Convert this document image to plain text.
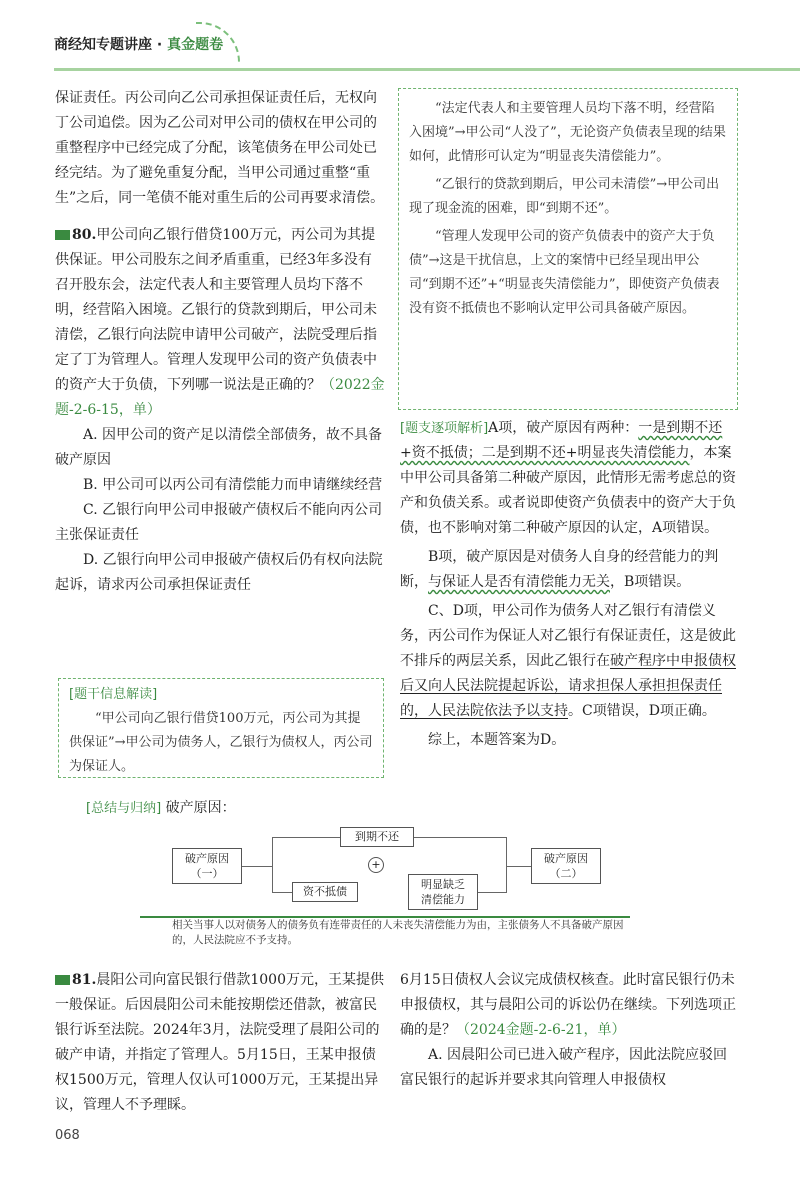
商经知专题讲座 · 真金题卷

保证责任。丙公司向乙公司承担保证责任后，无权向丁公司追偿。因为乙公司对甲公司的债权在甲公司的重整程序中已经完成了分配，该笔债务在甲公司处已经完结。为了避免重复分配，当甲公司通过重整“重生”之后，同一笔债不能对重生后的公司再要求清偿。

80.甲公司向乙银行借贷100万元，丙公司为其提供保证。甲公司股东之间矛盾重重，已经3年多没有召开股东会，法定代表人和主要管理人员均下落不明，经营陷入困境。乙银行的贷款到期后，甲公司未清偿，乙银行向法院申请甲公司破产，法院受理后指定了丁为管理人。管理人发现甲公司的资产负债表中的资产大于负债，下列哪一说法是正确的？（2022金题-2-6-15，单）

A. 因甲公司的资产足以清偿全部债务，故不具备破产原因

B. 甲公司可以丙公司有清偿能力而申请继续经营

C. 乙银行向甲公司申报破产债权后不能向丙公司主张保证责任

D. 乙银行向甲公司申报破产债权后仍有权向法院起诉，请求丙公司承担保证责任

[题干信息解读]

“甲公司向乙银行借贷100万元，丙公司为其提供保证”→甲公司为债务人，乙银行为债权人，丙公司为保证人。

“法定代表人和主要管理人员均下落不明，经营陷入困境”→甲公司“人没了”，无论资产负债表呈现的结果如何，此情形可认定为“明显丧失清偿能力”。

“乙银行的贷款到期后，甲公司未清偿”→甲公司出现了现金流的困难，即“到期不还”。

“管理人发现甲公司的资产负债表中的资产大于负债”→这是干扰信息，上文的案情中已经呈现出甲公司“到期不还”+“明显丧失清偿能力”，即使资产负债表没有资不抵债也不影响认定甲公司具备破产原因。

[题支逐项解析]A项，破产原因有两种：一是到期不还+资不抵债；二是到期不还+明显丧失清偿能力，本案中甲公司具备第二种破产原因，此情形无需考虑总的资产和负债关系。或者说即使资产负债表中的资产大于负债，也不影响对第二种破产原因的认定，A项错误。

B项，破产原因是对债务人自身的经营能力的判断，与保证人是否有清偿能力无关，B项错误。

C、D项，甲公司作为债务人对乙银行有清偿义务，丙公司作为保证人对乙银行有保证责任，这是彼此不排斥的两层关系，因此乙银行在破产程序中申报债权后又向人民法院提起诉讼，请求担保人承担担保责任的，人民法院依法予以支持。C项错误，D项正确。

综上，本题答案为D。

[总结与归纳] 破产原因：
破产原因
（一）
到期不还
资不抵债
明显缺乏
清偿能力
破产原因
（二）
+
相关当事人以对债务人的债务负有连带责任的人未丧失清偿能力为由，主张债务人不具备破产原因的，人民法院应不予支持。

81.晨阳公司向富民银行借款1000万元，王某提供一般保证。后因晨阳公司未能按期偿还借款，被富民银行诉至法院。2024年3月，法院受理了晨阳公司的破产申请，并指定了管理人。5月15日，王某申报债权1500万元，管理人仅认可1000万元，王某提出异议，管理人不予理睬。

6月15日债权人会议完成债权核查。此时富民银行仍未申报债权，其与晨阳公司的诉讼仍在继续。下列选项正确的是？（2024金题-2-6-21，单）

A. 因晨阳公司已进入破产程序，因此法院应驳回富民银行的起诉并要求其向管理人申报债权

068
